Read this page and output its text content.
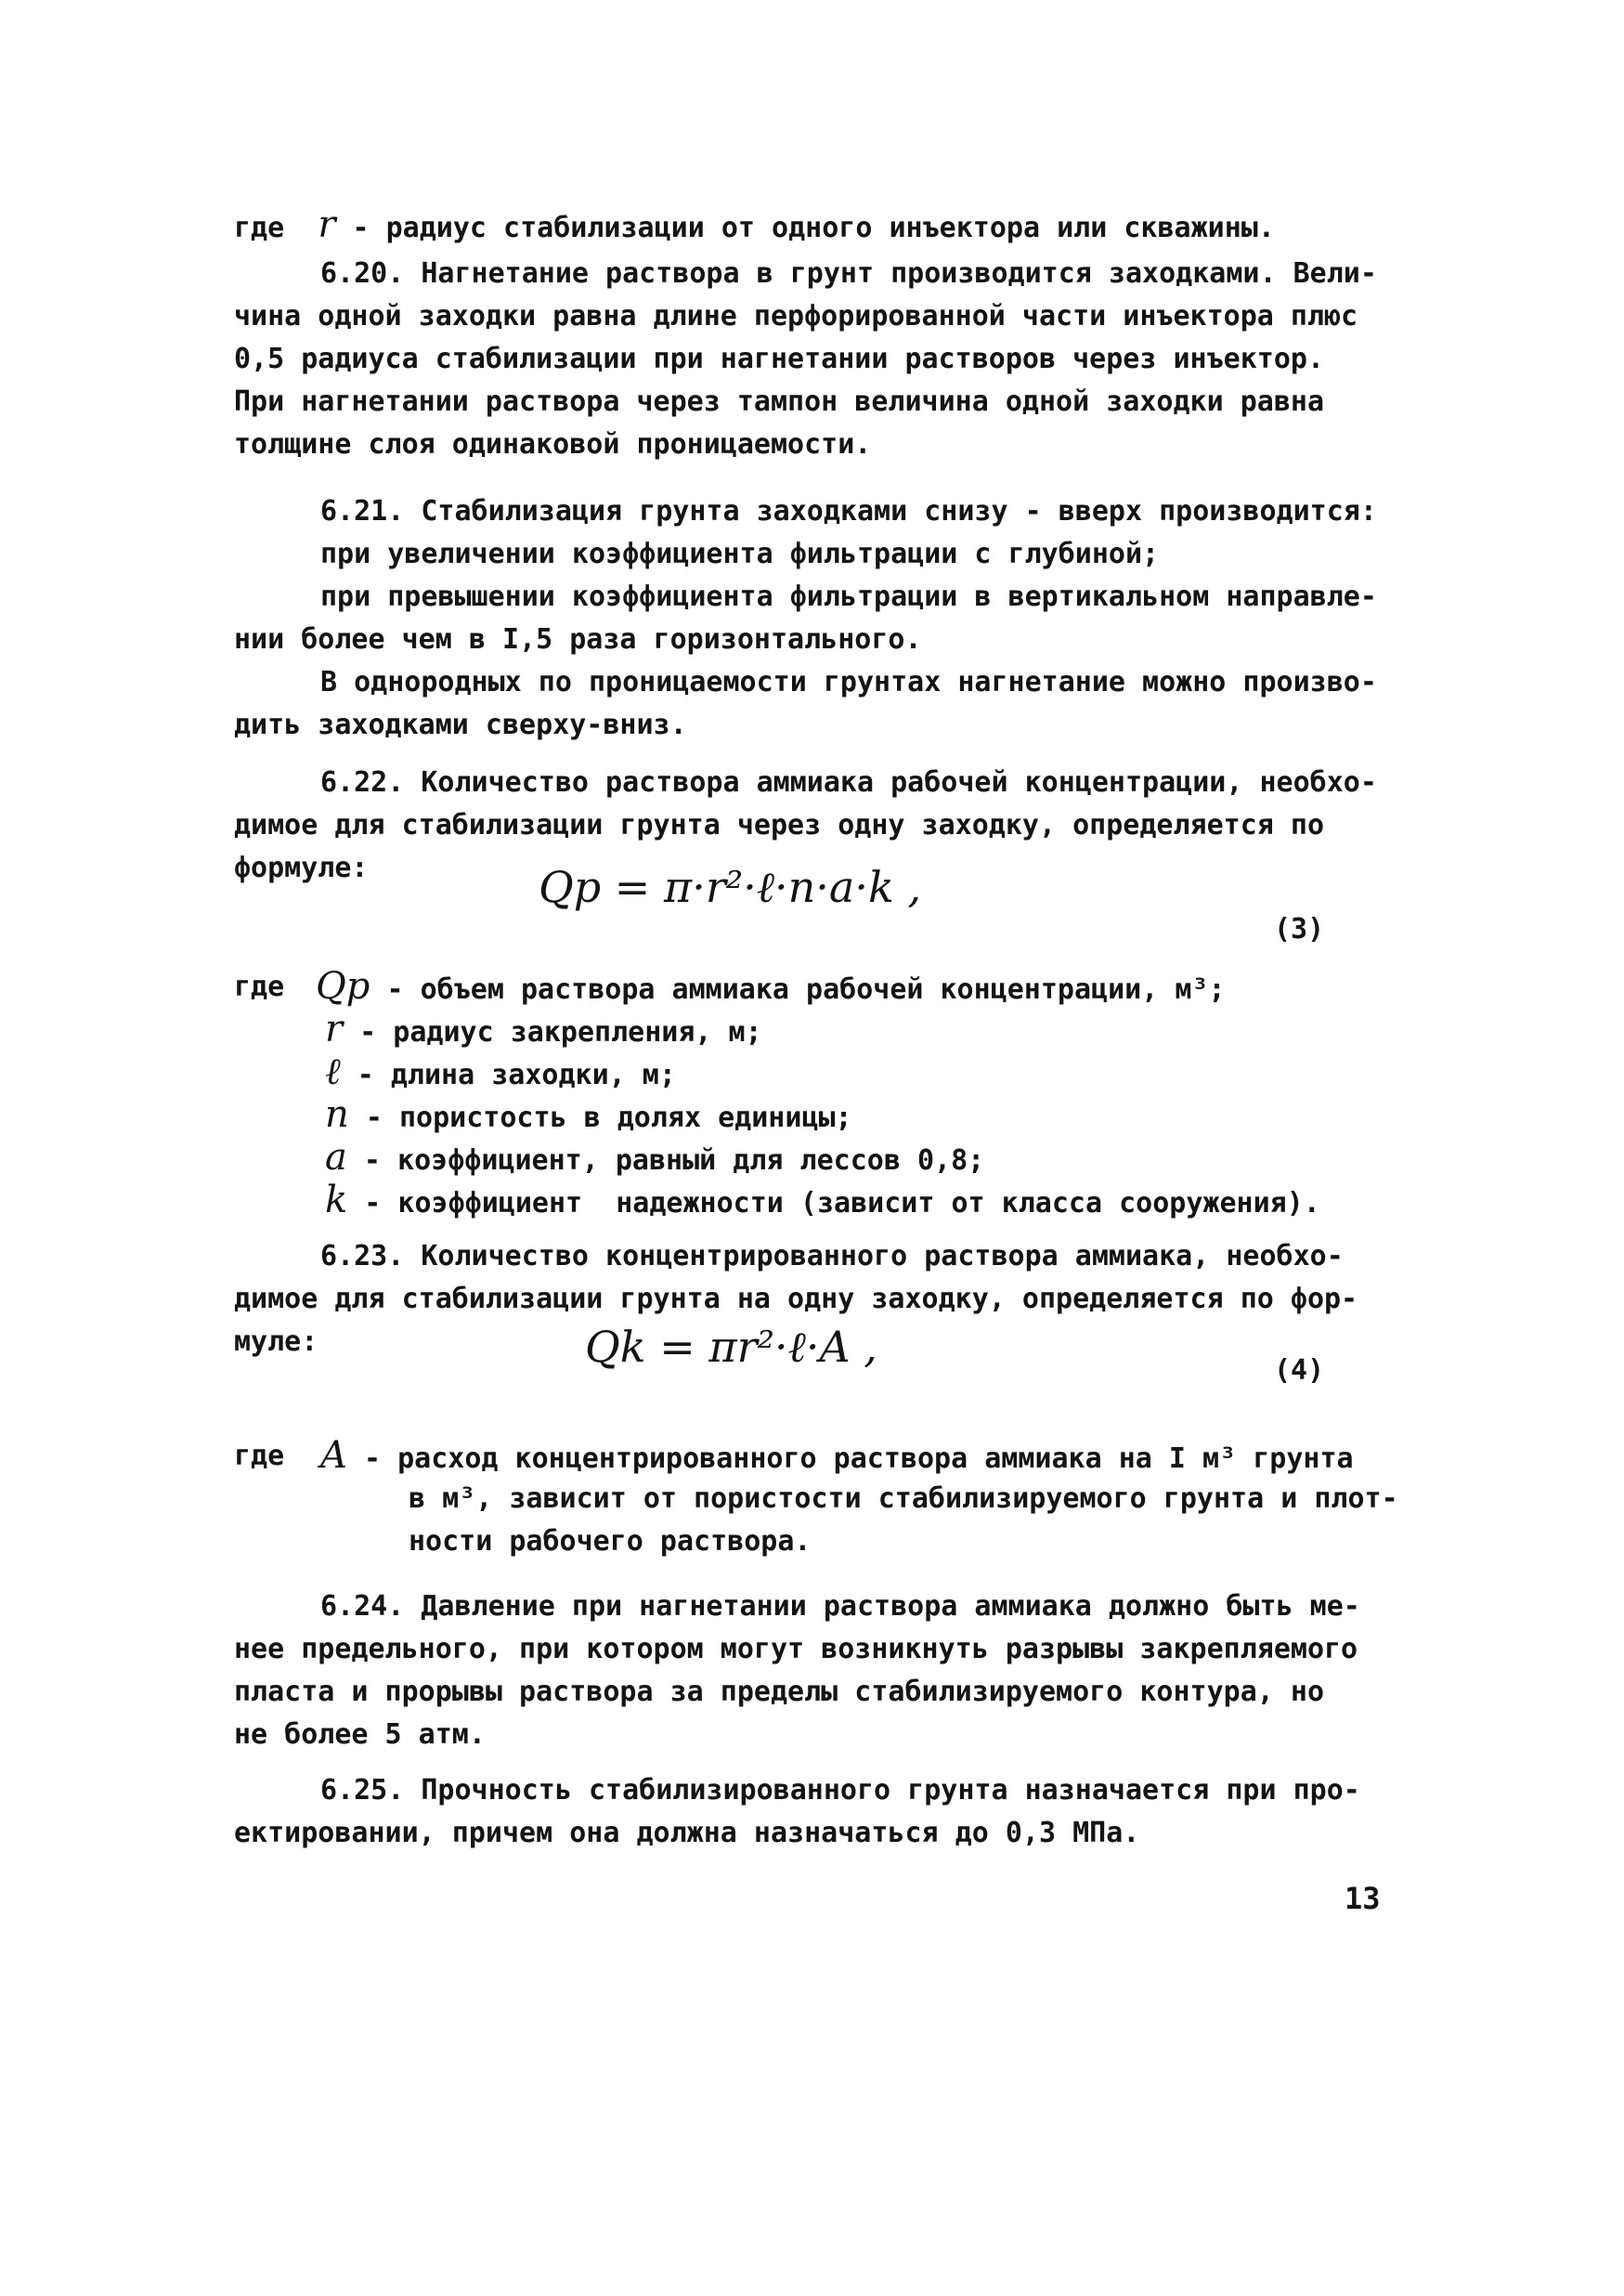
где  r - радиус стабилизации от одного инъектора или скважины.
6.20. Нагнетание раствора в грунт производится заходками. Вели-
чина одной заходки равна длине перфорированной части инъектора плюс
0,5 радиуса стабилизации при нагнетании растворов через инъектор.
При нагнетании раствора через тампон величина одной заходки равна
толщине слоя одинаковой проницаемости.
6.21. Стабилизация грунта заходками снизу - вверх производится:
при увеличении коэффициента фильтрации с глубиной;
при превышении коэффициента фильтрации в вертикальном направле-
нии более чем в I,5 раза горизонтального.
В однородных по проницаемости грунтах нагнетание можно произво-
дить заходками сверху-вниз.
6.22. Количество раствора аммиака рабочей концентрации, необхо-
димое для стабилизации грунта через одну заходку, определяется по
формуле:	Qp = π·r²·ℓ·n·a·k ,
(3)
где Qp - объем раствора аммиака рабочей концентрации, м³;
r - радиус закрепления, м;
ℓ - длина заходки, м;
n - пористость в долях единицы;
a - коэффициент, равный для лессов 0,8;
k - коэффициент  надежности (зависит от класса сооружения).
6.23. Количество концентрированного раствора аммиака, необхо-
димое для стабилизации грунта на одну заходку, определяется по фор-
муле:	Qk = πr²·ℓ·A ,	(4)
где A - расход концентрированного раствора аммиака на I м³ грунта
в м³, зависит от пористости стабилизируемого грунта и плот-
ности рабочего раствора.
6.24. Давление при нагнетании раствора аммиака должно быть ме-
нее предельного, при котором могут возникнуть разрывы закрепляемого
пласта и прорывы раствора за пределы стабилизируемого контура, но
не более 5 атм.
6.25. Прочность стабилизированного грунта назначается при про-
ектировании, причем она должна назначаться до 0,3 МПа.
13
